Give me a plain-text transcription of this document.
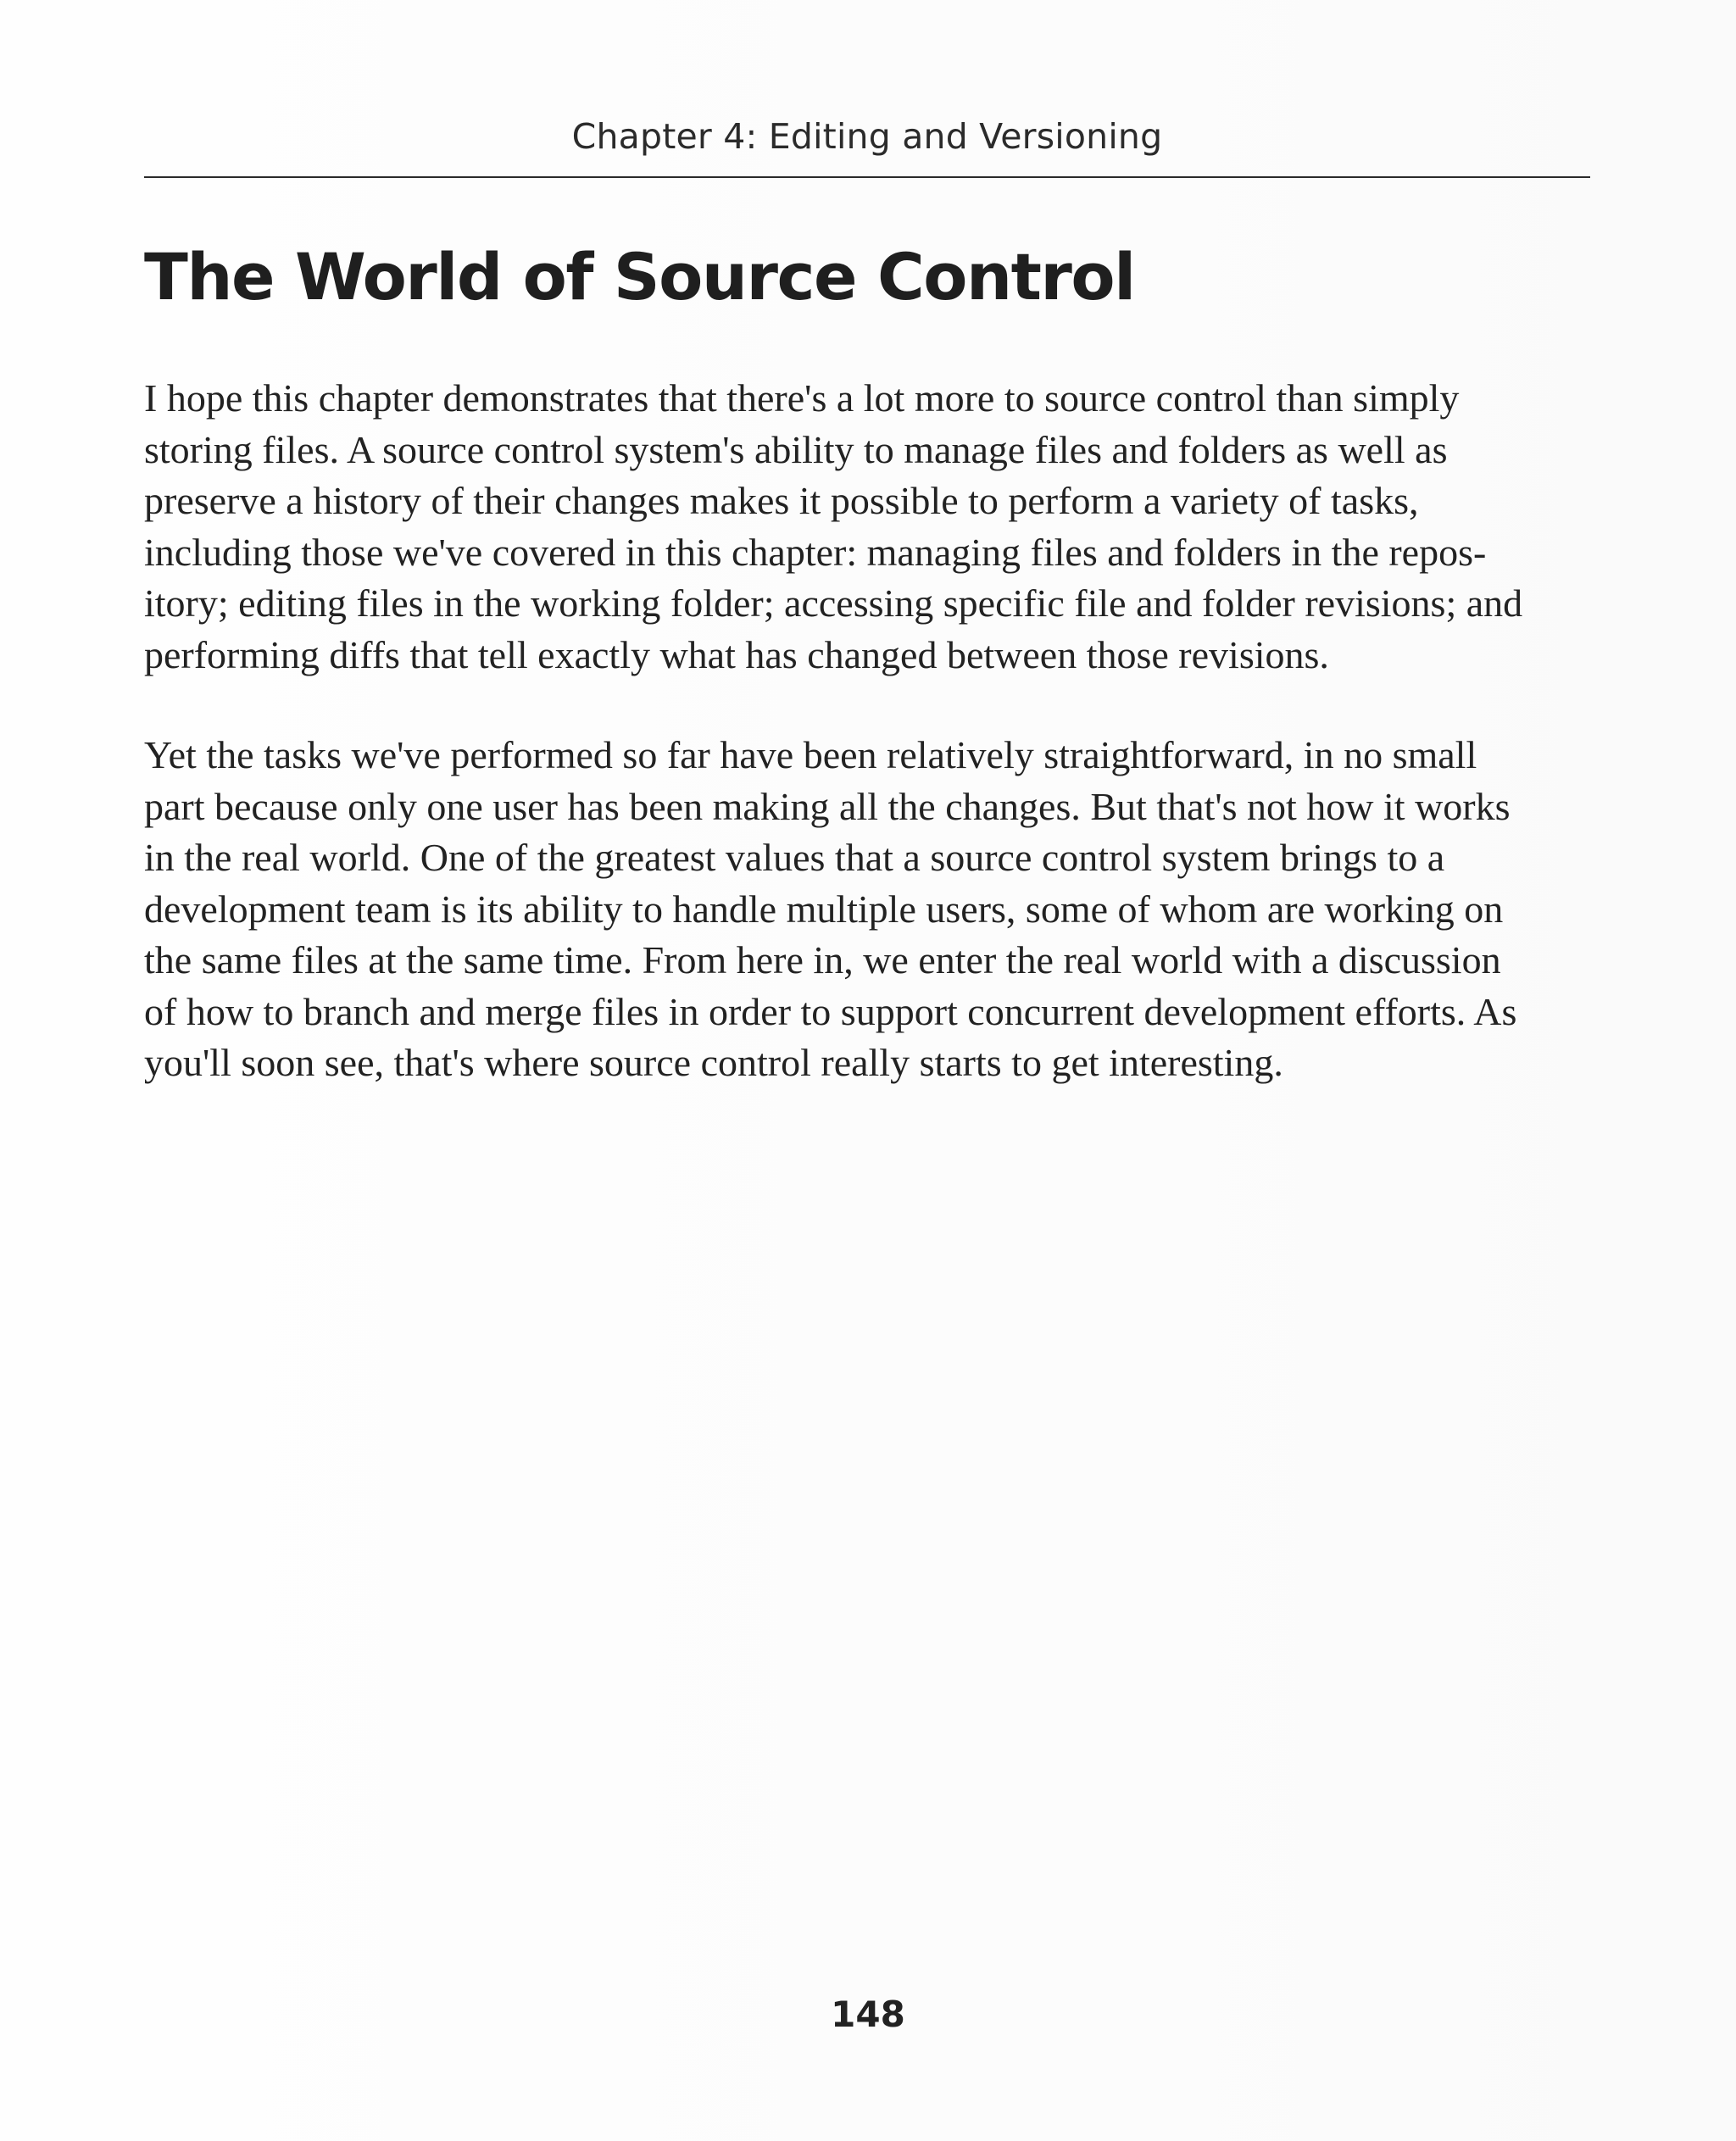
Chapter 4: Editing and Versioning
The World of Source Control

I hope this chapter demonstrates that there's a lot more to source control than simply
storing files. A source control system's ability to manage files and folders as well as
preserve a history of their changes makes it possible to perform a variety of tasks,
including those we've covered in this chapter: managing files and folders in the repos-
itory; editing files in the working folder; accessing specific file and folder revisions; and
performing diffs that tell exactly what has changed between those revisions.

Yet the tasks we've performed so far have been relatively straightforward, in no small
part because only one user has been making all the changes. But that's not how it works
in the real world. One of the greatest values that a source control system brings to a
development team is its ability to handle multiple users, some of whom are working on
the same files at the same time. From here in, we enter the real world with a discussion
of how to branch and merge files in order to support concurrent development efforts. As
you'll soon see, that's where source control really starts to get interesting.

148
